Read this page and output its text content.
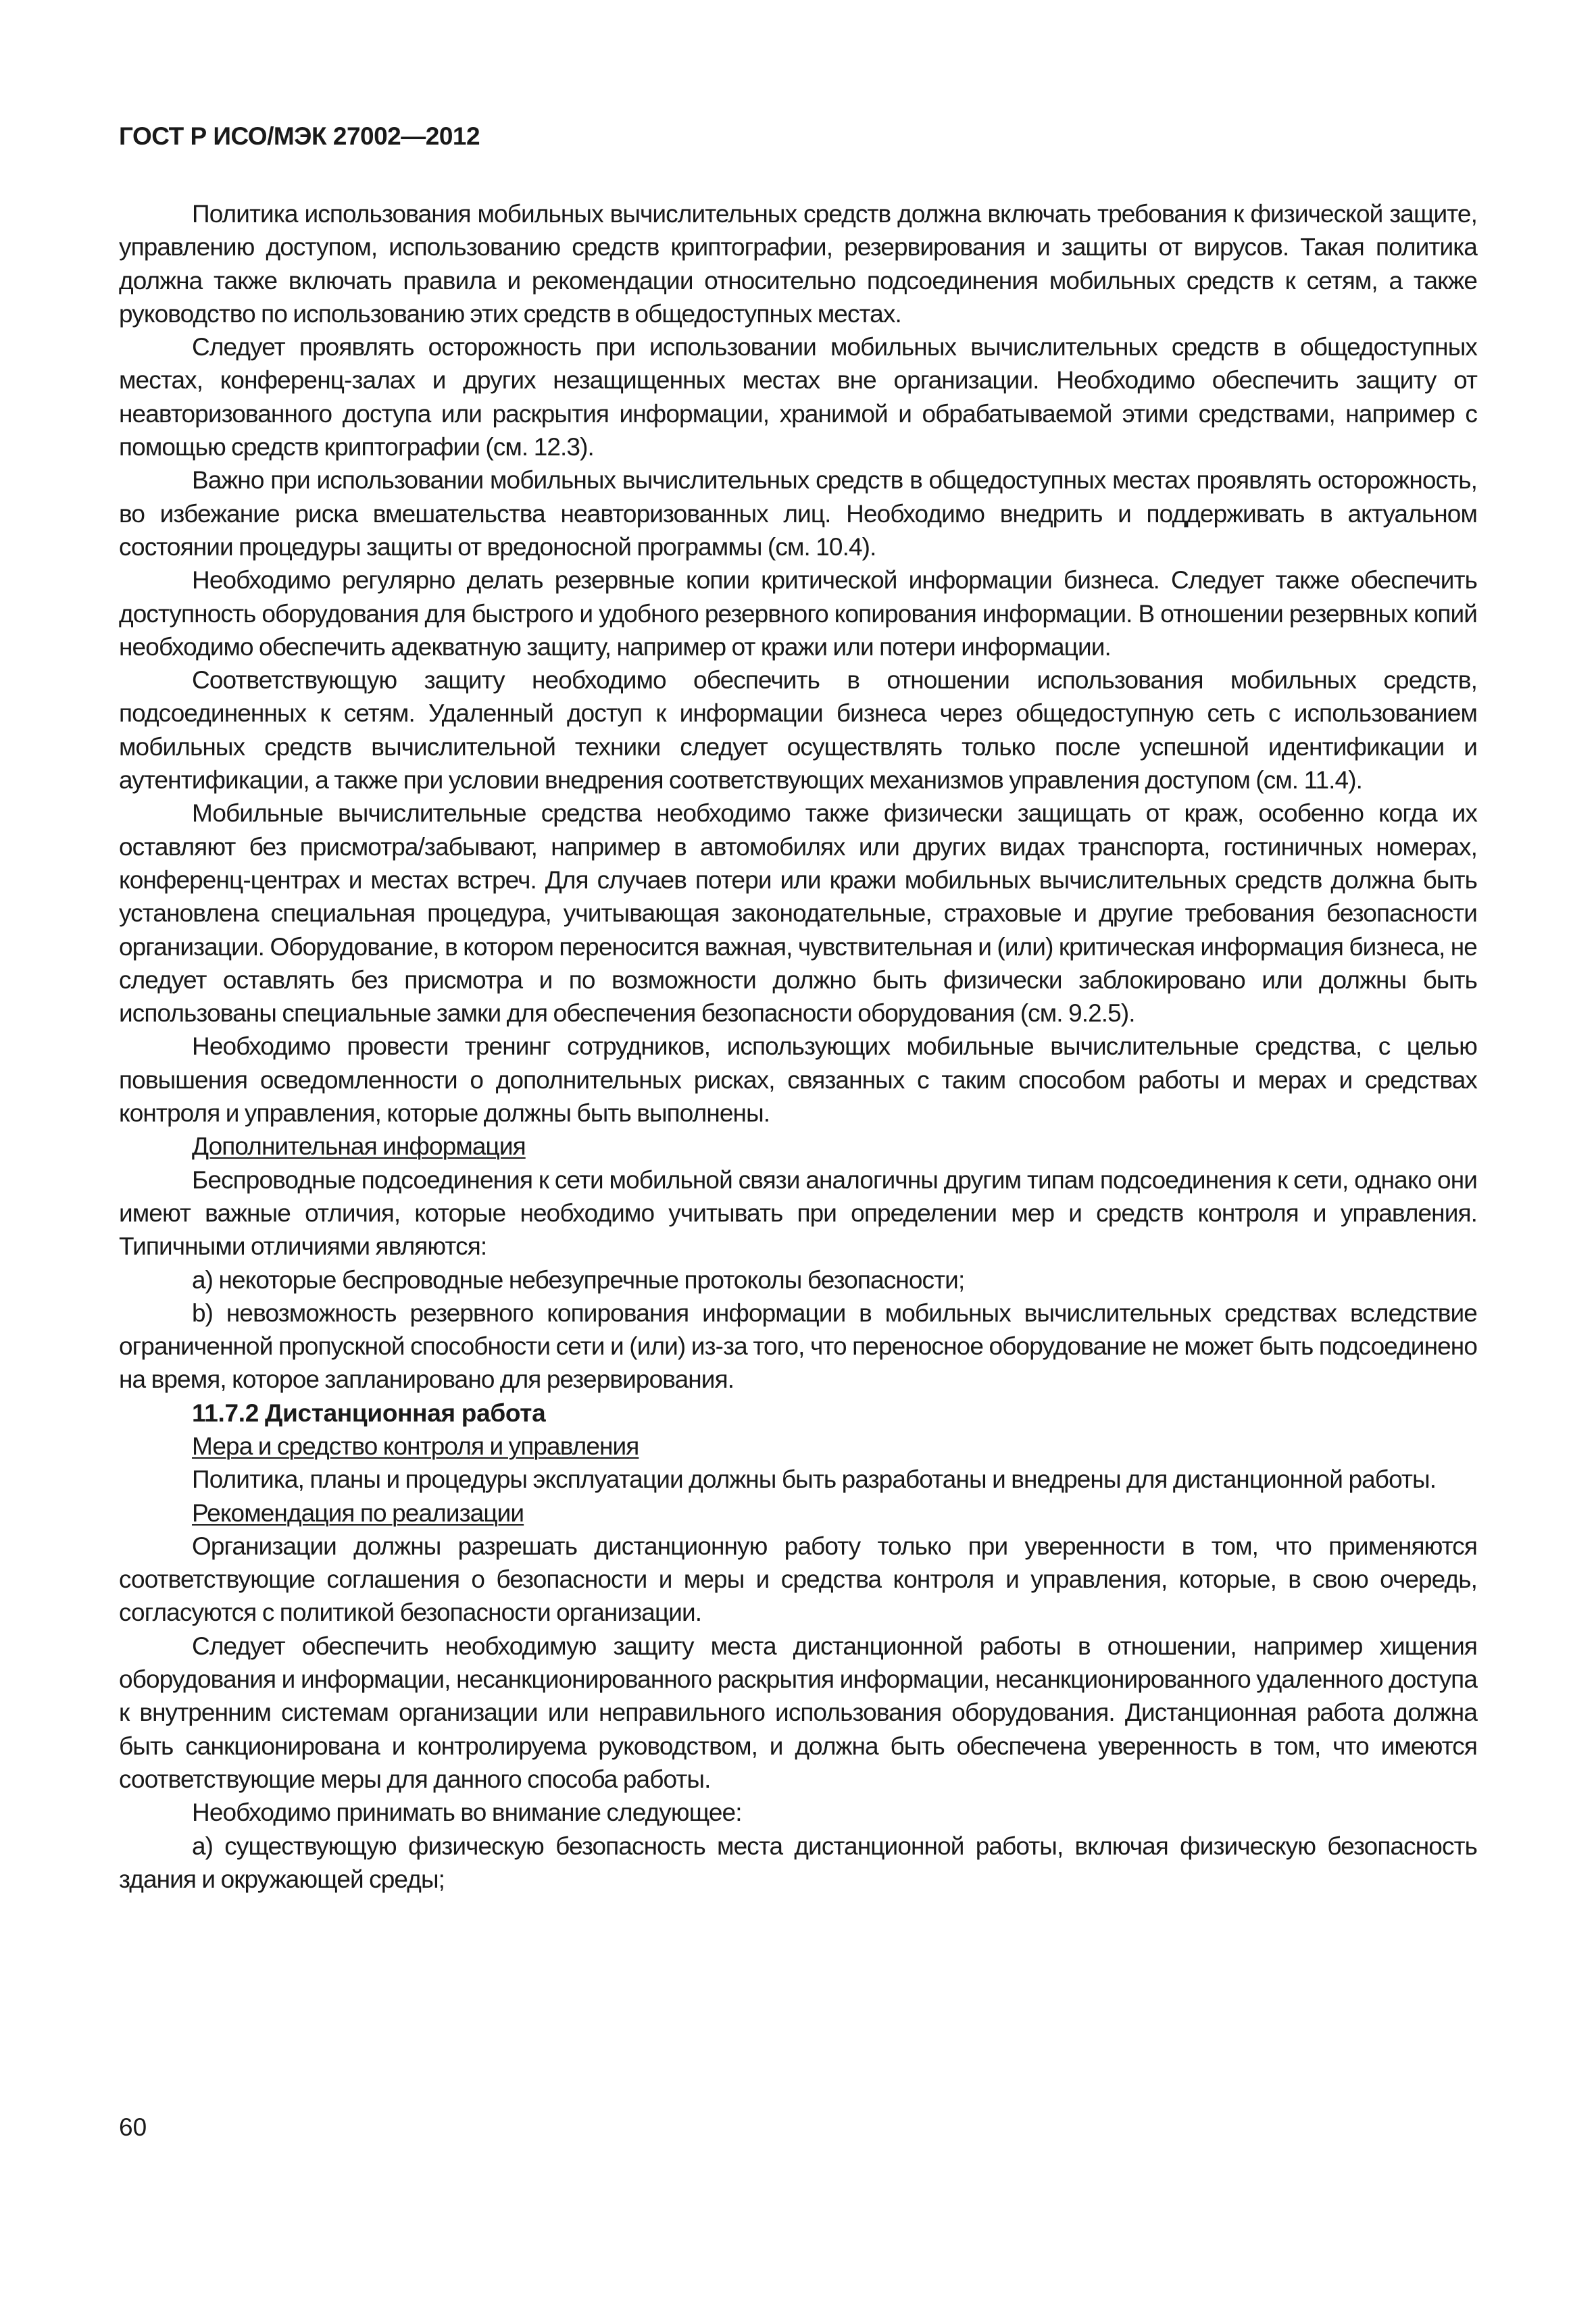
ГОСТ Р ИСО/МЭК 27002—2012

Политика использования мобильных вычислительных средств должна включать требования к физической защите, управлению доступом, использованию средств криптографии, резервирования и защиты от вирусов. Такая политика должна также включать правила и рекомендации относительно подсоединения мобильных средств к сетям, а также руководство по использованию этих средств в общедоступных местах.

Следует проявлять осторожность при использовании мобильных вычислительных средств в общедоступных местах, конференц-залах и других незащищенных местах вне организации. Необходимо обеспечить защиту от неавторизованного доступа или раскрытия информации, хранимой и обрабатываемой этими средствами, например с помощью средств криптографии (см. 12.3).

Важно при использовании мобильных вычислительных средств в общедоступных местах проявлять осторожность, во избежание риска вмешательства неавторизованных лиц. Необходимо внедрить и поддерживать в актуальном состоянии процедуры защиты от вредоносной программы (см. 10.4).

Необходимо регулярно делать резервные копии критической информации бизнеса. Следует также обеспечить доступность оборудования для быстрого и удобного резервного копирования информации. В отношении резервных копий необходимо обеспечить адекватную защиту, например от кражи или потери информации.

Соответствующую защиту необходимо обеспечить в отношении использования мобильных средств, подсоединенных к сетям. Удаленный доступ к информации бизнеса через общедоступную сеть с использованием мобильных средств вычислительной техники следует осуществлять только после успешной идентификации и аутентификации, а также при условии внедрения соответствующих механизмов управления доступом (см. 11.4).

Мобильные вычислительные средства необходимо также физически защищать от краж, особенно когда их оставляют без присмотра/забывают, например в автомобилях или других видах транспорта, гостиничных номерах, конференц-центрах и местах встреч. Для случаев потери или кражи мобильных вычислительных средств должна быть установлена специальная процедура, учитывающая законодательные, страховые и другие требования безопасности организации. Оборудование, в котором переносится важная, чувствительная и (или) критическая информация бизнеса, не следует оставлять без присмотра и по возможности должно быть физически заблокировано или должны быть использованы специальные замки для обеспечения безопасности оборудования (см. 9.2.5).

Необходимо провести тренинг сотрудников, использующих мобильные вычислительные средства, с целью повышения осведомленности о дополнительных рисках, связанных с таким способом работы и мерах и средствах контроля и управления, которые должны быть выполнены.

Дополнительная информация

Беспроводные подсоединения к сети мобильной связи аналогичны другим типам подсоединения к сети, однако они имеют важные отличия, которые необходимо учитывать при определении мер и средств контроля и управления. Типичными отличиями являются:

a) некоторые беспроводные небезупречные протоколы безопасности;

b) невозможность резервного копирования информации в мобильных вычислительных средствах вследствие ограниченной пропускной способности сети и (или) из-за того, что переносное оборудование не может быть подсоединено на время, которое запланировано для резервирования.

11.7.2 Дистанционная работа

Мера и средство контроля и управления

Политика, планы и процедуры эксплуатации должны быть разработаны и внедрены для дистанционной работы.

Рекомендация по реализации

Организации должны разрешать дистанционную работу только при уверенности в том, что применяются соответствующие соглашения о безопасности и меры и средства контроля и управления, которые, в свою очередь, согласуются с политикой безопасности организации.

Следует обеспечить необходимую защиту места дистанционной работы в отношении, например хищения оборудования и информации, несанкционированного раскрытия информации, несанкционированного удаленного доступа к внутренним системам организации или неправильного использования оборудования. Дистанционная работа должна быть санкционирована и контролируема руководством, и должна быть обеспечена уверенность в том, что имеются соответствующие меры для данного способа работы.

Необходимо принимать во внимание следующее:

a) существующую физическую безопасность места дистанционной работы, включая физическую безопасность здания и окружающей среды;

60
